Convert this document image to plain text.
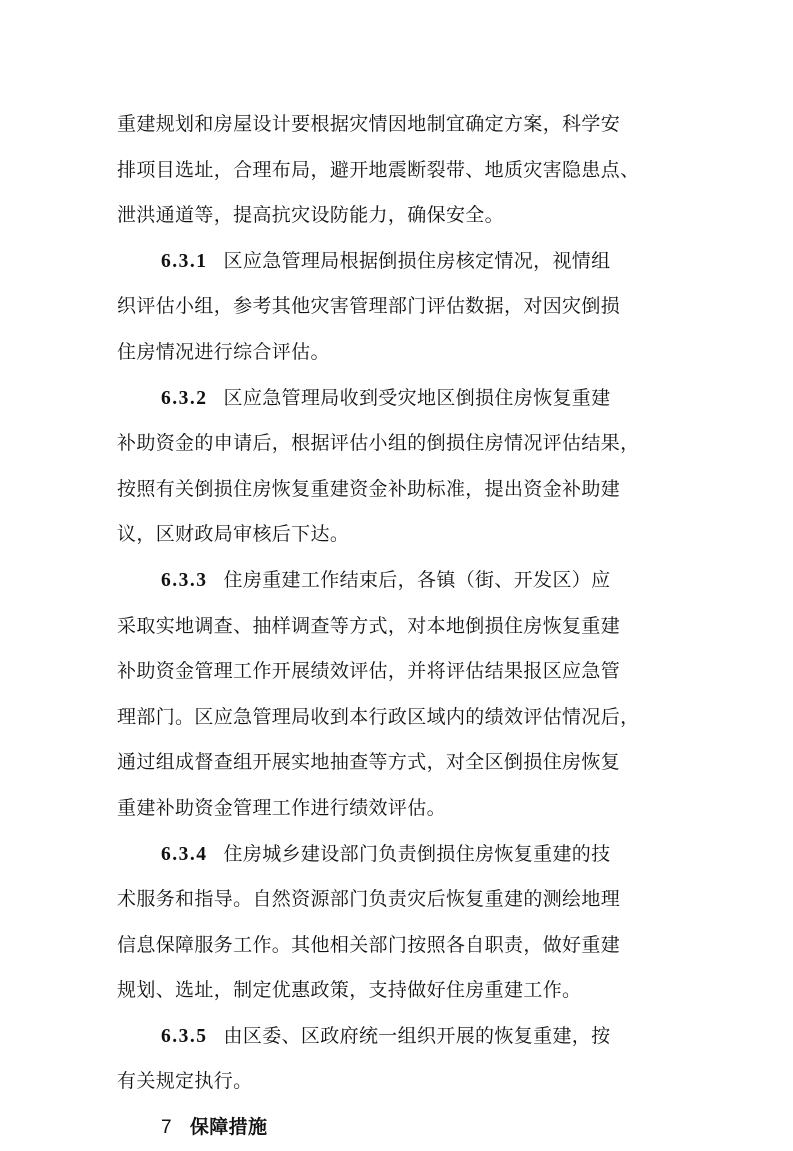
重建规划和房屋设计要根据灾情因地制宜确定方案，科学安
排项目选址，合理布局，避开地震断裂带、地质灾害隐患点、
泄洪通道等，提高抗灾设防能力，确保安全。
6.3.1 区应急管理局根据倒损住房核定情况，视情组
织评估小组，参考其他灾害管理部门评估数据，对因灾倒损
住房情况进行综合评估。
6.3.2 区应急管理局收到受灾地区倒损住房恢复重建
补助资金的申请后，根据评估小组的倒损住房情况评估结果，
按照有关倒损住房恢复重建资金补助标准，提出资金补助建
议，区财政局审核后下达。
6.3.3 住房重建工作结束后，各镇（街、开发区）应
采取实地调查、抽样调查等方式，对本地倒损住房恢复重建
补助资金管理工作开展绩效评估，并将评估结果报区应急管
理部门。区应急管理局收到本行政区域内的绩效评估情况后，
通过组成督查组开展实地抽查等方式，对全区倒损住房恢复
重建补助资金管理工作进行绩效评估。
6.3.4 住房城乡建设部门负责倒损住房恢复重建的技
术服务和指导。自然资源部门负责灾后恢复重建的测绘地理
信息保障服务工作。其他相关部门按照各自职责，做好重建
规划、选址，制定优惠政策，支持做好住房重建工作。
6.3.5 由区委、区政府统一组织开展的恢复重建，按
有关规定执行。
7 保障措施
